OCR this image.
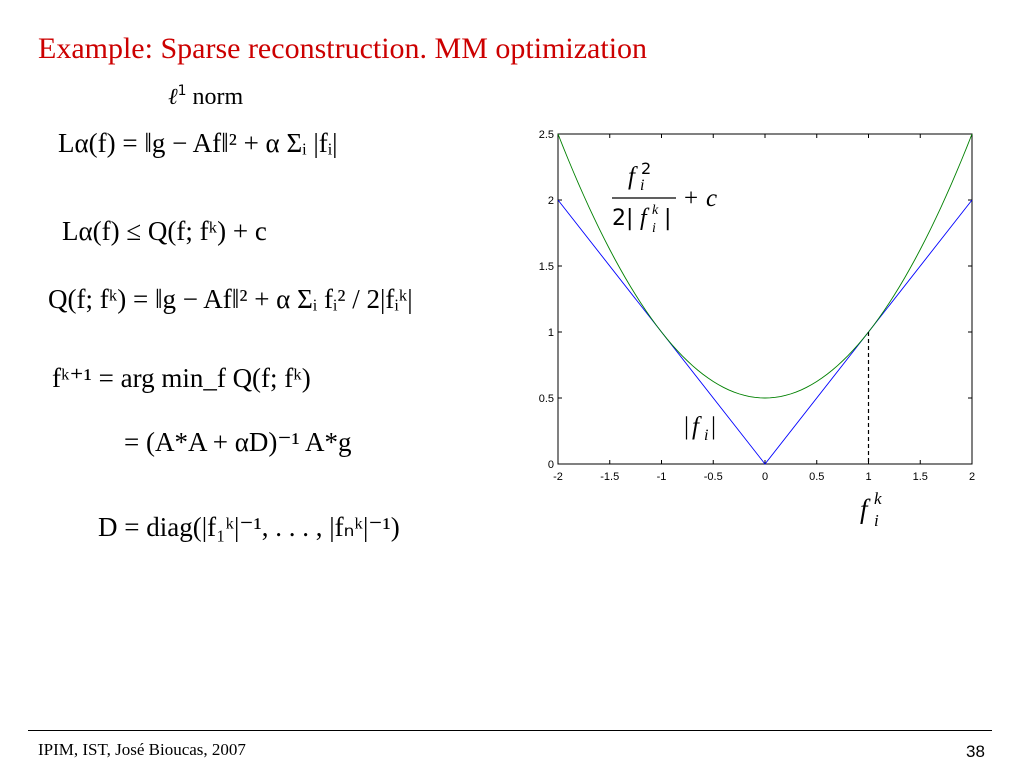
Example: Sparse reconstruction. MM optimization
ℓ$^1$ norm
Lα(f) = ‖g − Af‖² + α Σᵢ |fᵢ|
Lα(f) ≤ Q(f; fᵏ) + c
Q(f; fᵏ) = ‖g − Af‖² + α Σᵢ fᵢ² / 2|fᵢᵏ|
fᵏ⁺¹ = arg min_f Q(f; fᵏ)
= (A*A + αD)⁻¹ A*g
D = diag(|f₁ᵏ|⁻¹, . . . , |fₙᵏ|⁻¹)
-2	-1.5	-1	-0.5	0	0.5	1	1.5	2
0
0.5
1
1.5
2
2.5
f 2
i
2| f k
i |
+ c
| f i |
f k
i
IPIM, IST, José Bioucas, 2007	38
